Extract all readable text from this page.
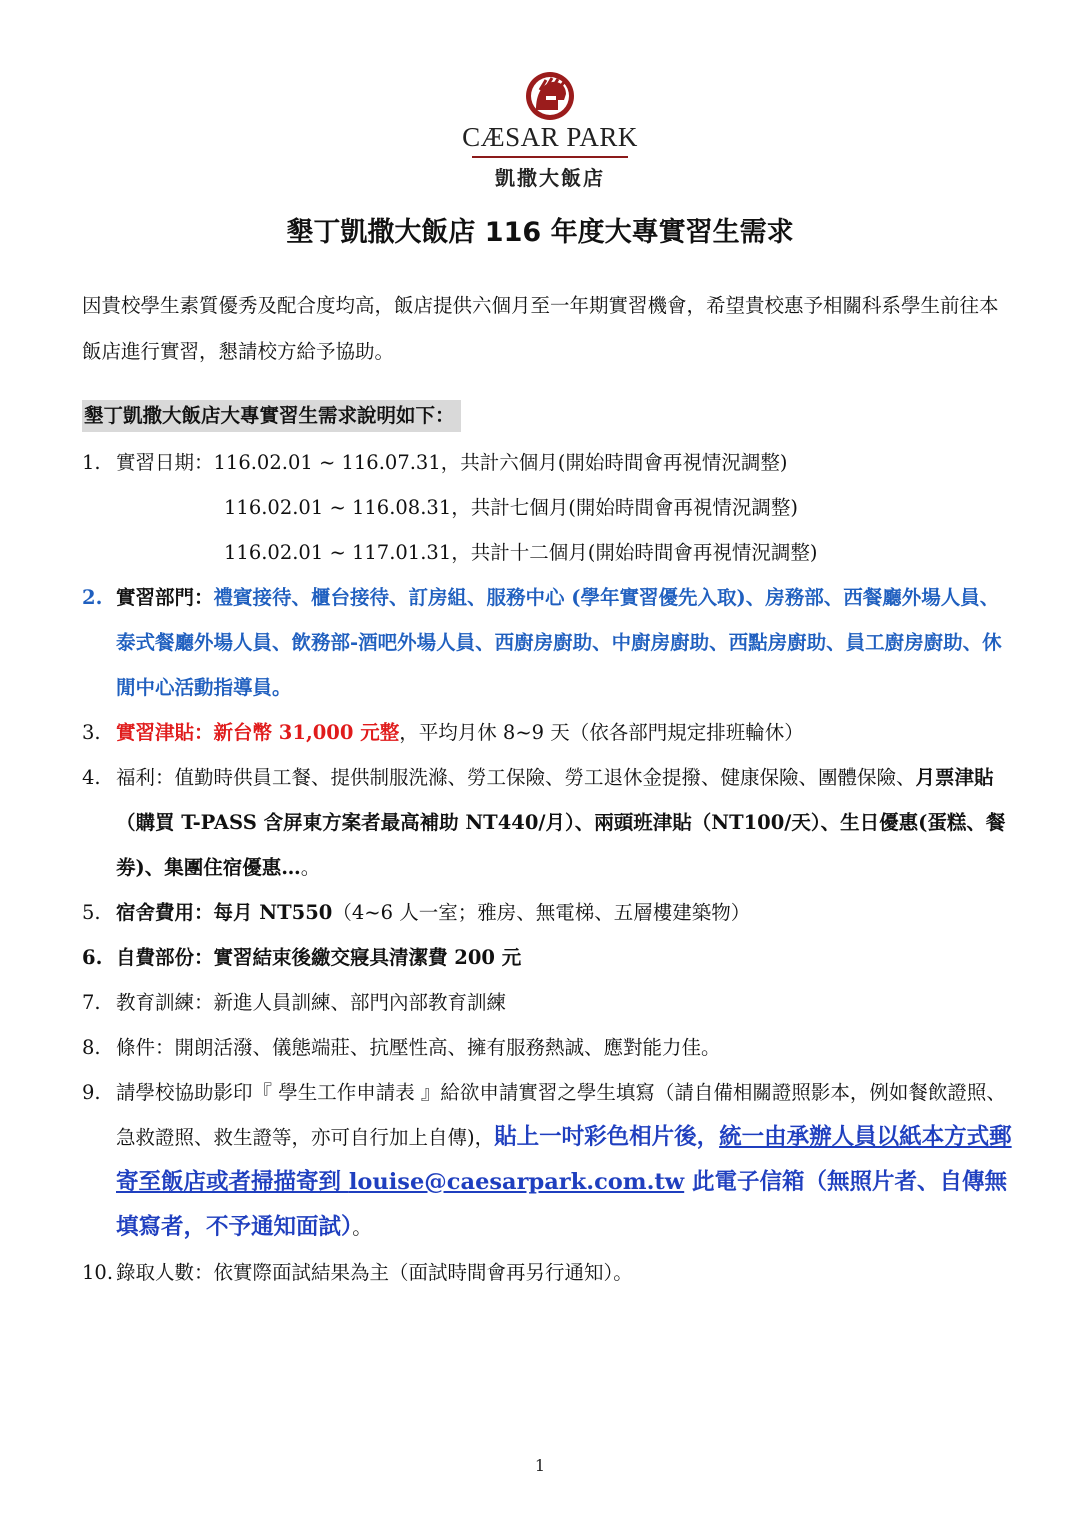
CÆSAR PARK
凱撒大飯店
墾丁凱撒大飯店 116 年度大專實習生需求
因貴校學生素質優秀及配合度均高，飯店提供六個月至一年期實習機會，希望貴校惠予相關科系學生前往本飯店進行實習，懇請校方給予協助。
墾丁凱撒大飯店大專實習生需求說明如下：
1. 實習日期：116.02.01 ~ 116.07.31，共計六個月(開始時間會再視情況調整)
116.02.01 ~ 116.08.31，共計七個月(開始時間會再視情況調整)
116.02.01 ~ 117.01.31，共計十二個月(開始時間會再視情況調整)
2. 實習部門：禮賓接待、櫃台接待、訂房組、服務中心 (學年實習優先入取)、房務部、西餐廳外場人員、泰式餐廳外場人員、飲務部-酒吧外場人員、西廚房廚助、中廚房廚助、西點房廚助、員工廚房廚助、休閒中心活動指導員。
3. 實習津貼：新台幣 31,000 元整，平均月休 8~9 天（依各部門規定排班輪休）
4. 福利：值勤時供員工餐、提供制服洗滌、勞工保險、勞工退休金提撥、健康保險、團體保險、月票津貼（購買 T-PASS 含屏東方案者最高補助 NT440/月）、兩頭班津貼（NT100/天）、生日優惠(蛋糕、餐劵)、集團住宿優惠…。
5. 宿舍費用：每月 NT550（4~6 人一室；雅房、無電梯、五層樓建築物）
6. 自費部份：實習結束後繳交寢具清潔費 200 元
7. 教育訓練：新進人員訓練、部門內部教育訓練
8. 條件：開朗活潑、儀態端莊、抗壓性高、擁有服務熱誠、應對能力佳。
9. 請學校協助影印『 學生工作申請表 』給欲申請實習之學生填寫（請自備相關證照影本，例如餐飲證照、急救證照、救生證等，亦可自行加上自傳)，貼上一吋彩色相片後，統一由承辦人員以紙本方式郵寄至飯店或者掃描寄到 louise@caesarpark.com.tw 此電子信箱（無照片者、自傳無填寫者，不予通知面試）。
10. 錄取人數：依實際面試結果為主（面試時間會再另行通知）。
1
